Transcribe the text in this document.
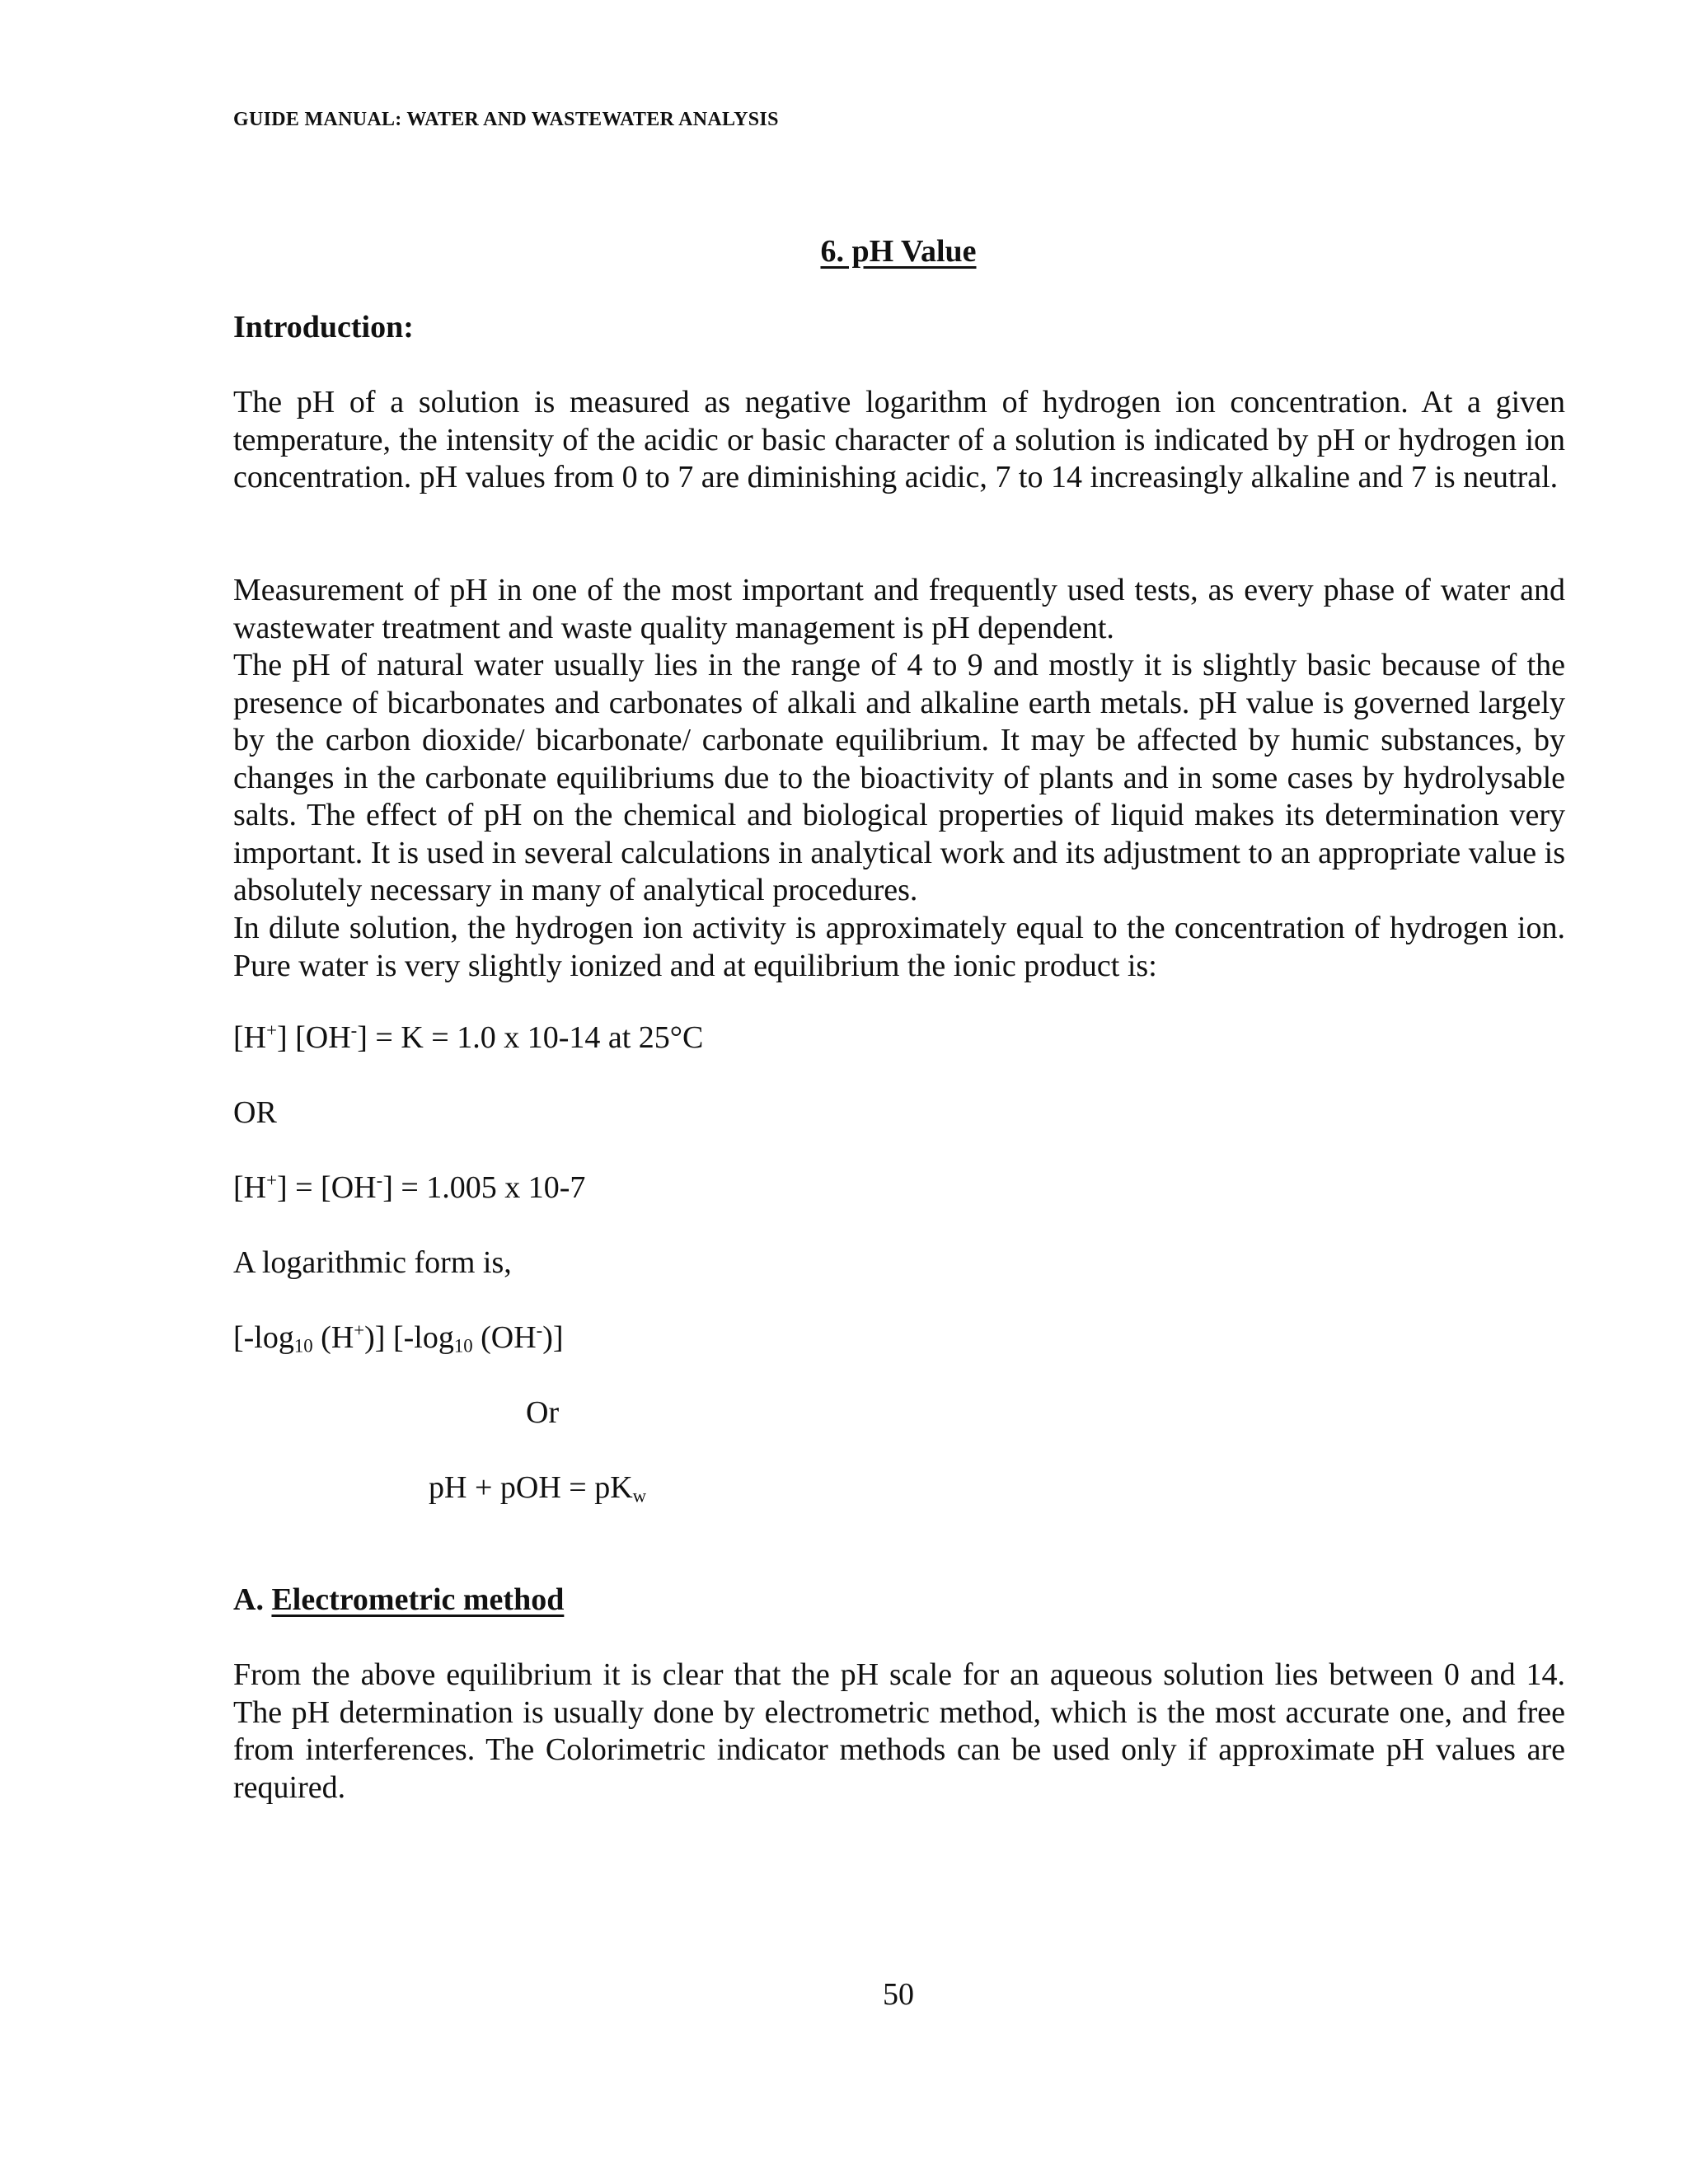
GUIDE MANUAL: WATER AND WASTEWATER ANALYSIS
6. pH Value
Introduction:
The pH of a solution is measured as negative logarithm of hydrogen ion concentration. At a given temperature, the intensity of the acidic or basic character of a solution is indicated by pH or hydrogen ion concentration. pH values from 0 to 7 are diminishing acidic, 7 to 14 increasingly alkaline and 7 is neutral.
Measurement of pH in one of the most important and frequently used tests, as every phase of water and wastewater treatment and waste quality management is pH dependent.
The pH of natural water usually lies in the range of 4 to 9 and mostly it is slightly basic because of the presence of bicarbonates and carbonates of alkali and alkaline earth metals. pH value is governed largely by the carbon dioxide/ bicarbonate/ carbonate equilibrium. It may be affected by humic substances, by changes in the carbonate equilibriums due to the bioactivity of plants and in some cases by hydrolysable salts. The effect of pH on the chemical and biological properties of liquid makes its determination very important. It is used in several calculations in analytical work and its adjustment to an appropriate value is absolutely necessary in many of analytical procedures.
In dilute solution, the hydrogen ion activity is approximately equal to the concentration of hydrogen ion. Pure water is very slightly ionized and at equilibrium the ionic product is:
[H+] [OH-] = K = 1.0 x 10-14 at 25°C
OR
[H+] = [OH-] = 1.005 x 10-7
A logarithmic form is,
[$-\log_{10}$ (H+)] [$-\log_{10}$ (OH-)]
Or
pH + pOH = $pK_w$
A. Electrometric method
From the above equilibrium it is clear that the pH scale for an aqueous solution lies between 0 and 14. The pH determination is usually done by electrometric method, which is the most accurate one, and free from interferences. The Colorimetric indicator methods can be used only if approximate pH values are required.
50
